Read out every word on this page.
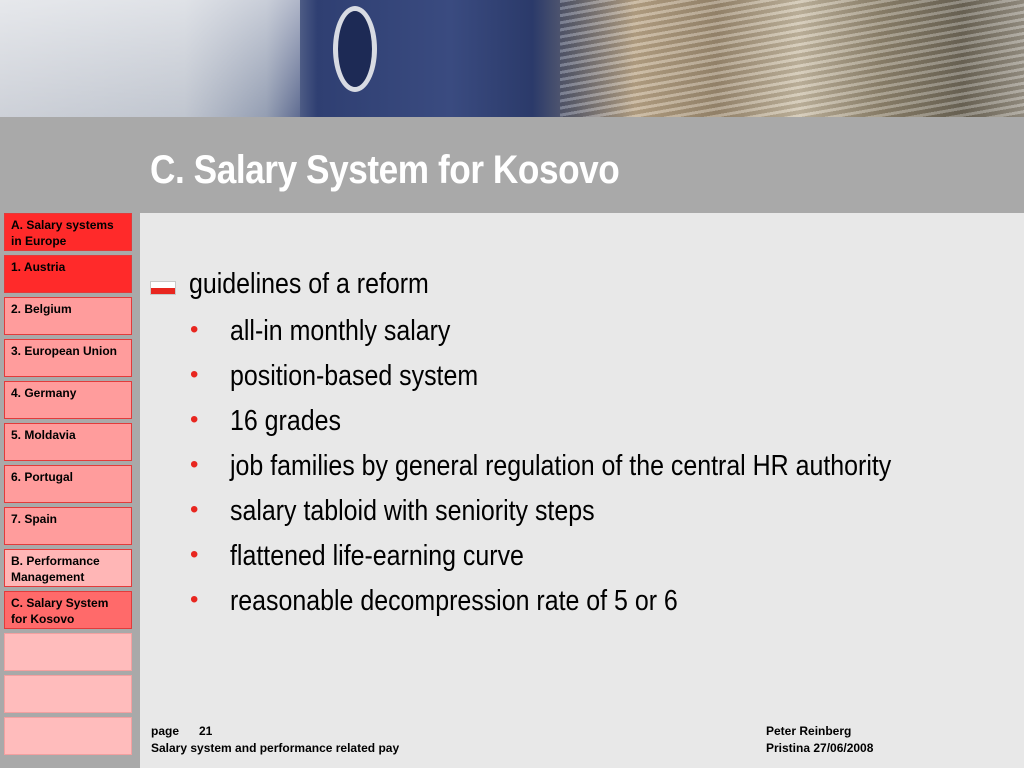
C. Salary System for Kosovo
A. Salary systems in Europe
1. Austria
2. Belgium
3. European Union
4. Germany
5. Moldavia
6. Portugal
7. Spain
B. Performance Management
C. Salary System for Kosovo

guidelines of a reform

• all-in monthly salary
• position-based system
• 16 grades
• job families by general regulation of the central HR authority
• salary tabloid with seniority steps
• flattened life-earning curve
• reasonable decompression rate of 5 or 6
page 21
Salary system and performance related pay
Peter Reinberg
Pristina 27/06/2008
